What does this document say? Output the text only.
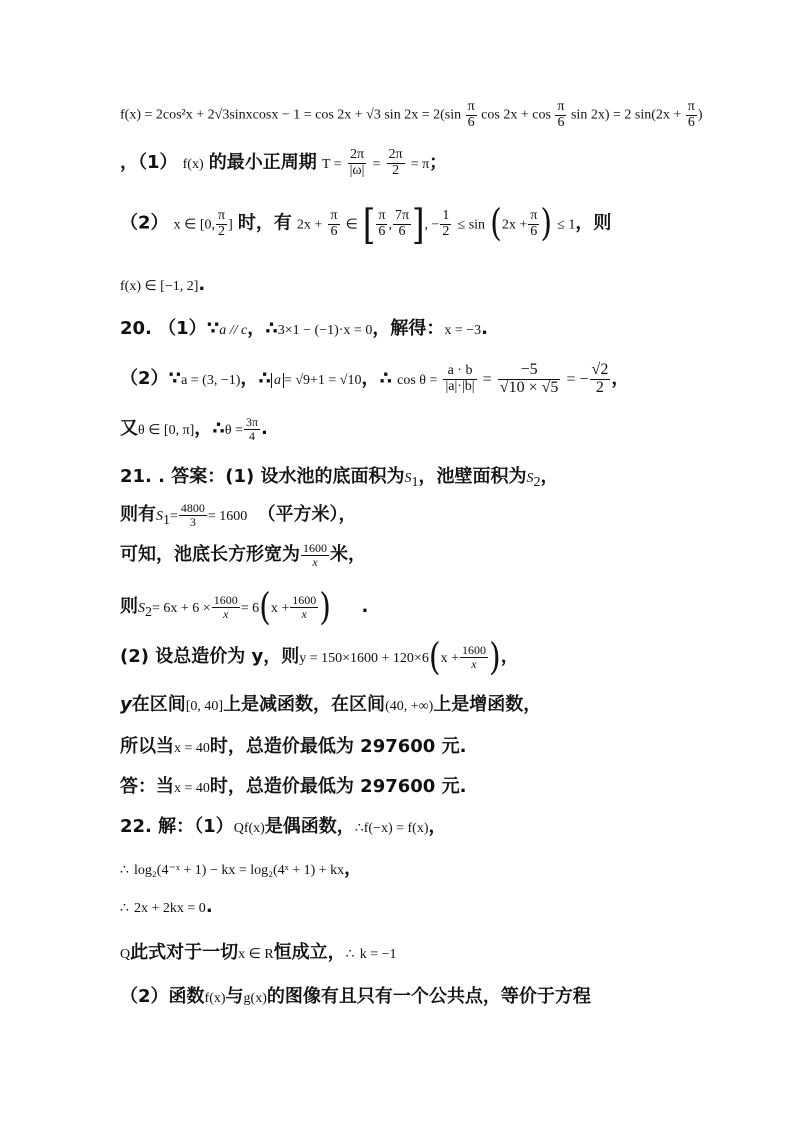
f(x) = 2cos²x + 2√3sinxcosx − 1 = cos 2x + √3 $\sin 2x = 2(\sin \frac{\pi}{6}$ $\cos 2x + \cos \frac{\pi}{6}$ sin 2x) = 2 $\sin(2x + \frac{\pi}{6}$ )
，（1） f(x) 的最小正周期 $T = \frac{2\pi}{|\omega|} = \frac{2\pi}{2} = \pi$；
（2） x ∈ [0, $\frac{\pi}{2}$ ] 时，有 $2x + \frac{\pi}{6}$ ∈ [ $\frac{\pi}{6}$ , $\frac{7\pi}{6}$ ], − $\frac{1}{2} \le \sin (2x + \frac{\pi}{6}$ ) ≤ 1，则
f(x) ∈ [−1, 2].
20. （1）∵a // c，∴3×1 − (−1)·x = 0，解得：x = −3.
（2）∵a = (3, −1)，∴ a = √9+1 = √10，∴ $\cos \theta = \frac{a \cdot b}{|a|\cdot|b|} = \frac{-5}{√10 \times √5}$ = − $\frac{√2}{2}$ ，
又θ ∈ [0, π]，∴θ = $\frac{3\pi}{4}$ .
21. . 答案：(1) 设水池的底面积为$S_1$，池壁面积为$S_2$，
则有$S_1= \frac{4800}{3} = 1600$ （平方米），
可知，池底长方形宽为 $\frac{1600}{x}$ 米，
则$S_2= 6x + 6 \times \frac{1600}{x} = 6(x + \frac{1600}{x}$ ) .
(2) 设总造价为 y，则$y = 150\times 1600 + 120\times 6(x + \frac{1600}{x}$ )，
y在区间[0, 40]上是减函数，在区间(40, +∞)上是增函数，
所以当x = 40时，总造价最低为 297600 元.
答：当x = 40时，总造价最低为 297600 元.
22. 解：（1）Qf(x)是偶函数，∴f(−x) = f(x)，
∴ log₂(4⁻ˣ + 1) − kx = log₂(4ˣ + 1) + kx，
∴ 2x + 2kx = 0.
Q此式对于一切x ∈ R恒成立，∴ k = −1
（2）函数f(x)与g(x)的图像有且只有一个公共点，等价于方程
